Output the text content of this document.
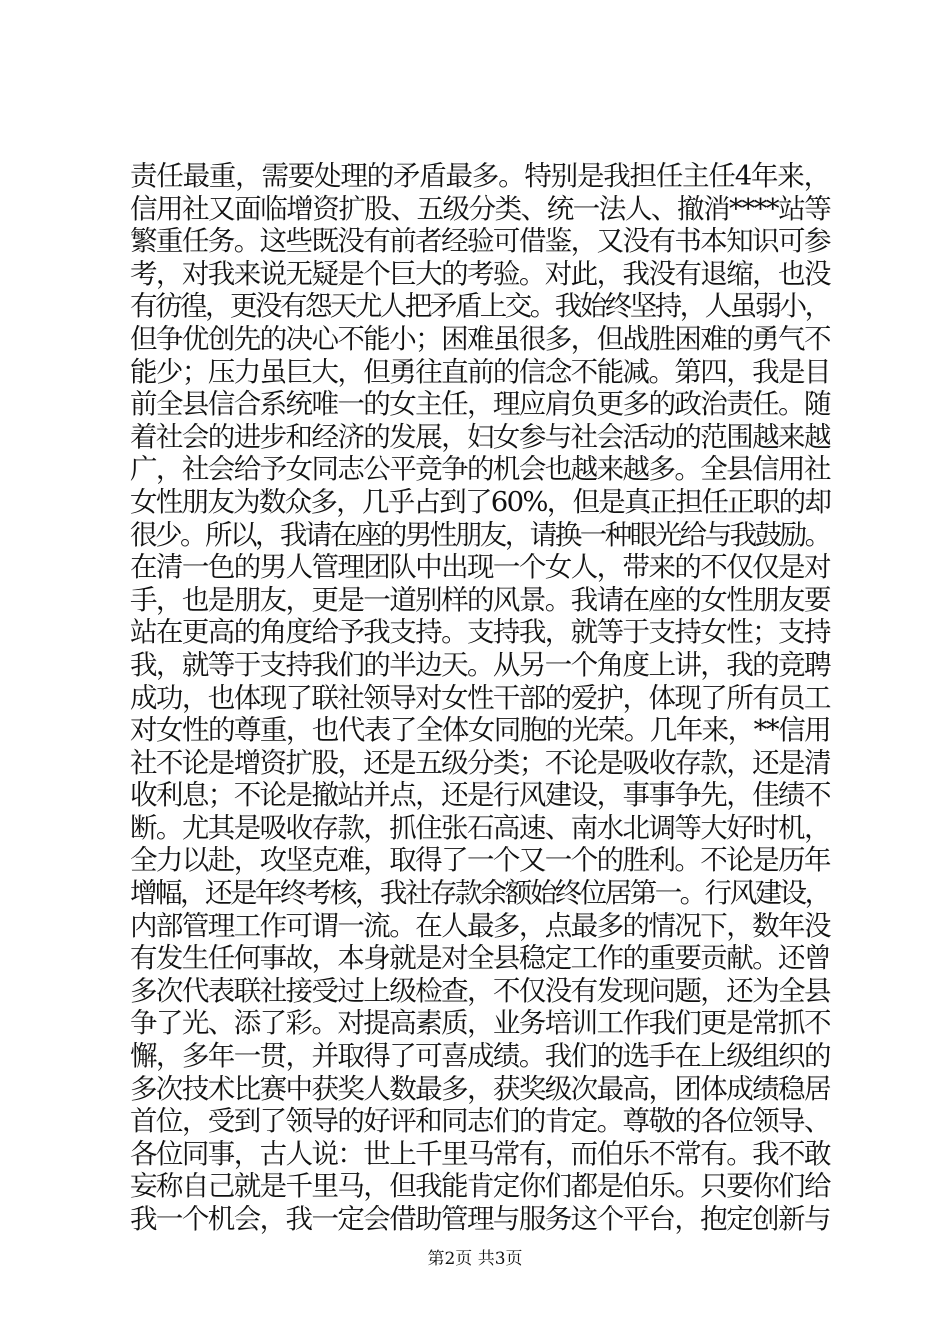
责任最重，需要处理的矛盾最多。特别是我担任主任4年来，
信用社又面临增资扩股、五级分类、统一法人、撤消****站等
繁重任务。这些既没有前者经验可借鉴，又没有书本知识可参
考，对我来说无疑是个巨大的考验。对此，我没有退缩，也没
有彷徨，更没有怨天尤人把矛盾上交。我始终坚持，人虽弱小，
但争优创先的决心不能小；困难虽很多，但战胜困难的勇气不
能少；压力虽巨大，但勇往直前的信念不能减。第四，我是目
前全县信合系统唯一的女主任，理应肩负更多的政治责任。随
着社会的进步和经济的发展，妇女参与社会活动的范围越来越
广，社会给予女同志公平竞争的机会也越来越多。全县信用社
女性朋友为数众多，几乎占到了60%，但是真正担任正职的却
很少。所以，我请在座的男性朋友，请换一种眼光给与我鼓励。
在清一色的男人管理团队中出现一个女人，带来的不仅仅是对
手，也是朋友，更是一道别样的风景。我请在座的女性朋友要
站在更高的角度给予我支持。支持我，就等于支持女性；支持
我，就等于支持我们的半边天。从另一个角度上讲，我的竞聘
成功，也体现了联社领导对女性干部的爱护，体现了所有员工
对女性的尊重，也代表了全体女同胞的光荣。几年来，**信用
社不论是增资扩股，还是五级分类；不论是吸收存款，还是清
收利息；不论是撤站并点，还是行风建设，事事争先，佳绩不
断。尤其是吸收存款，抓住张石高速、南水北调等大好时机，
全力以赴，攻坚克难，取得了一个又一个的胜利。不论是历年
增幅，还是年终考核，我社存款余额始终位居第一。行风建设，
内部管理工作可谓一流。在人最多，点最多的情况下，数年没
有发生任何事故，本身就是对全县稳定工作的重要贡献。还曾
多次代表联社接受过上级检查，不仅没有发现问题，还为全县
争了光、添了彩。对提高素质，业务培训工作我们更是常抓不
懈，多年一贯，并取得了可喜成绩。我们的选手在上级组织的
多次技术比赛中获奖人数最多，获奖级次最高，团体成绩稳居
首位，受到了领导的好评和同志们的肯定。尊敬的各位领导、
各位同事，古人说：世上千里马常有，而伯乐不常有。我不敢
妄称自己就是千里马，但我能肯定你们都是伯乐。只要你们给
我一个机会，我一定会借助管理与服务这个平台，抱定创新与
第2页 共3页
